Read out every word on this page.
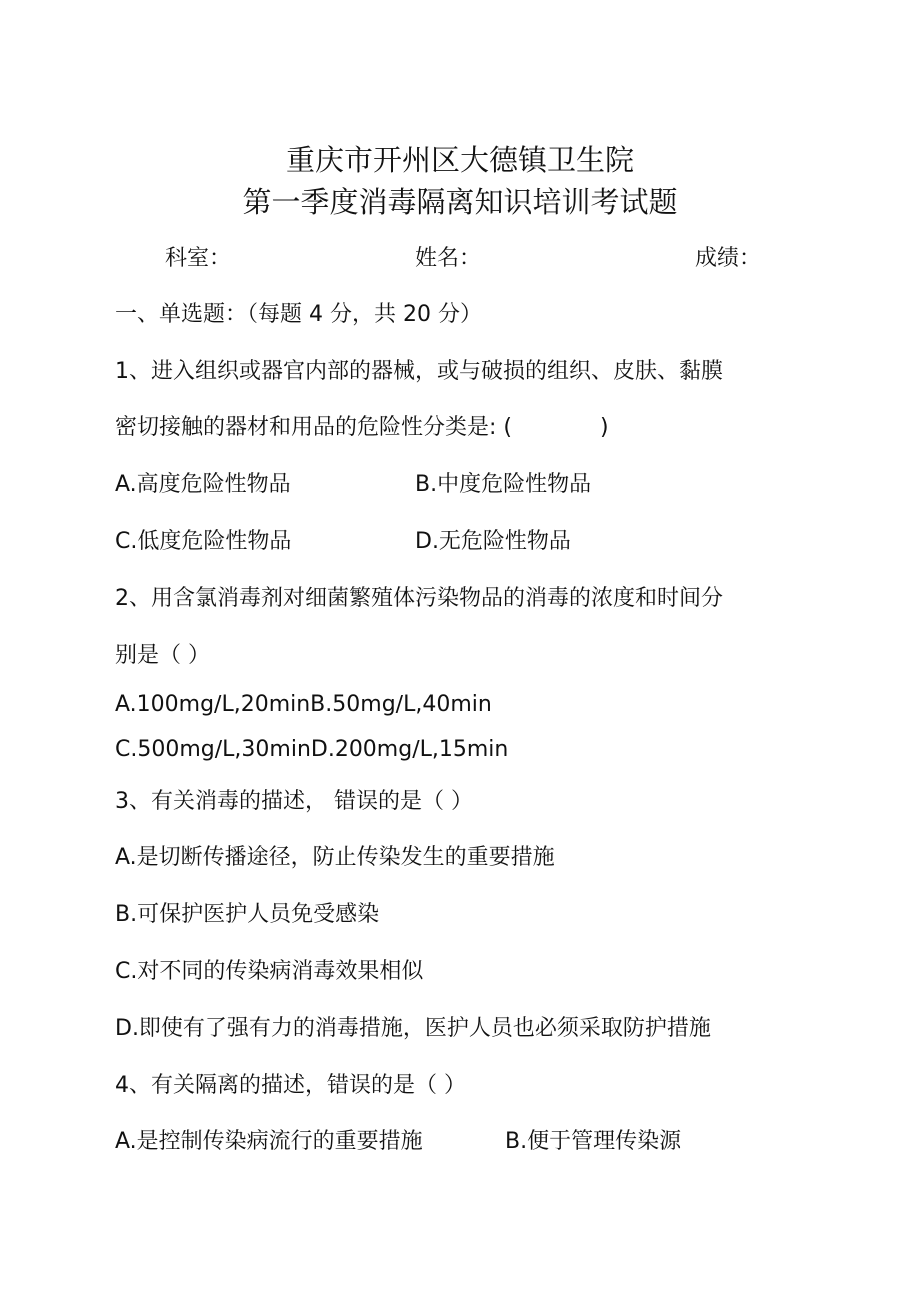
重庆市开州区大德镇卫生院
第一季度消毒隔离知识培训考试题
科室：	姓名：	成绩：
一、单选题：（每题 4 分，共 20 分）
1、进入组织或器官内部的器械，或与破损的组织、皮肤、黏膜
密切接触的器材和用品的危险性分类是: (　　　　)
A.高度危险性物品	B.中度危险性物品
C.低度危险性物品	D.无危险性物品
2、用含氯消毒剂对细菌繁殖体污染物品的消毒的浓度和时间分
别是（ ）
A.100mg∕L,20minB.50mg∕L,40min
C.500mg∕L,30minD.200mg∕L,15min
3、有关消毒的描述， 错误的是（ ）
A.是切断传播途径，防止传染发生的重要措施
B.可保护医护人员免受感染
C.对不同的传染病消毒效果相似
D.即使有了强有力的消毒措施，医护人员也必须采取防护措施
4、有关隔离的描述，错误的是（ ）
A.是控制传染病流行的重要措施	B.便于管理传染源
